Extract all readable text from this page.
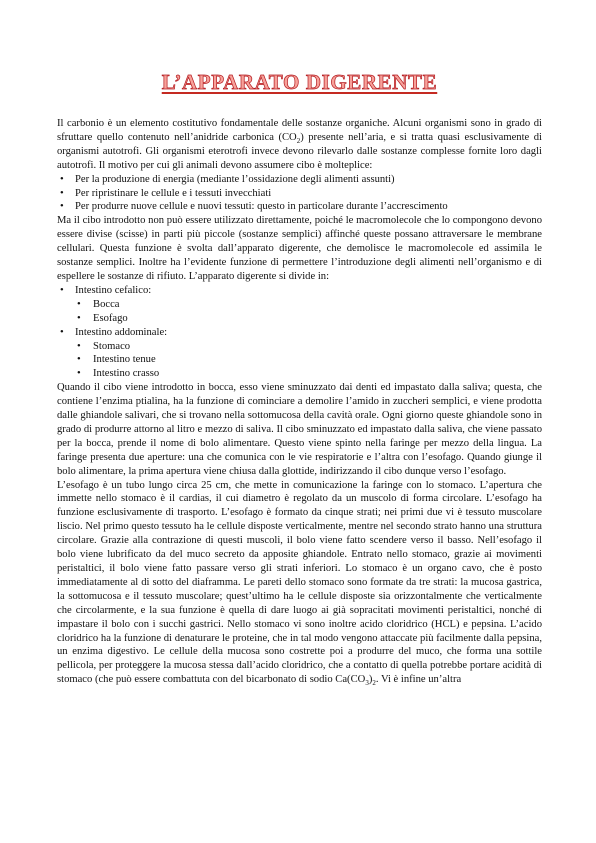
L’APPARATO DIGERENTE

Il carbonio è un elemento costitutivo fondamentale delle sostanze organiche. Alcuni organismi sono in grado di sfruttare quello contenuto nell’anidride carbonica $(CO_2)$ presente nell’aria, e si tratta quasi esclusivamente di organismi autotrofi. Gli organismi eterotrofi invece devono rilevarlo dalle sostanze complesse fornite loro dagli autotrofi. Il motivo per cui gli animali devono assumere cibo è molteplice:

• Per la produzione di energia (mediante l’ossidazione degli alimenti assunti)
• Per ripristinare le cellule e i tessuti invecchiati
• Per produrre nuove cellule e nuovi tessuti: questo in particolare durante l’accrescimento

Ma il cibo introdotto non può essere utilizzato direttamente, poiché le macromolecole che lo compongono devono essere divise (scisse) in parti più piccole (sostanze semplici) affinché queste possano attraversare le membrane cellulari. Questa funzione è svolta dall’apparato digerente, che demolisce le macromolecole ed assimila le sostanze semplici. Inoltre ha l’evidente funzione di permettere l’introduzione degli alimenti nell’organismo e di espellere le sostanze di rifiuto. L’apparato digerente si divide in:

• Intestino cefalico:
• Bocca
• Esofago
• Intestino addominale:
• Stomaco
• Intestino tenue
• Intestino crasso

Quando il cibo viene introdotto in bocca, esso viene sminuzzato dai denti ed impastato dalla saliva; questa, che contiene l’enzima ptialina, ha la funzione di cominciare a demolire l’amido in zuccheri semplici, e viene prodotta dalle ghiandole salivari, che si trovano nella sottomucosa della cavità orale. Ogni giorno queste ghiandole sono in grado di produrre attorno al litro e mezzo di saliva. Il cibo sminuzzato ed impastato dalla saliva, che viene passato per la bocca, prende il nome di bolo alimentare. Questo viene spinto nella faringe per mezzo della lingua. La faringe presenta due aperture: una che comunica con le vie respiratorie e l’altra con l’esofago. Quando giunge il bolo alimentare, la prima apertura viene chiusa dalla glottide, indirizzando il cibo dunque verso l’esofago.

L’esofago è un tubo lungo circa 25 cm, che mette in comunicazione la faringe con lo stomaco. L’apertura che immette nello stomaco è il cardias, il cui diametro è regolato da un muscolo di forma circolare. L’esofago ha funzione esclusivamente di trasporto. L’esofago è formato da cinque strati; nei primi due vi è tessuto muscolare liscio. Nel primo questo tessuto ha le cellule disposte verticalmente, mentre nel secondo strato hanno una struttura circolare. Grazie alla contrazione di questi muscoli, il bolo viene fatto scendere verso il basso. Nell’esofago il bolo viene lubrificato da del muco secreto da apposite ghiandole. Entrato nello stomaco, grazie ai movimenti peristaltici, il bolo viene fatto passare verso gli strati inferiori. Lo stomaco è un organo cavo, che è posto immediatamente al di sotto del diaframma. Le pareti dello stomaco sono formate da tre strati: la mucosa gastrica, la sottomucosa e il tessuto muscolare; quest’ultimo ha le cellule disposte sia orizzontalmente che verticalmente che circolarmente, e la sua funzione è quella di dare luogo ai già sopracitati movimenti peristaltici, nonché di impastare il bolo con i succhi gastrici. Nello stomaco vi sono inoltre acido cloridrico (HCL) e pepsina. L’acido cloridrico ha la funzione di denaturare le proteine, che in tal modo vengono attaccate più facilmente dalla pepsina, un enzima digestivo. Le cellule della mucosa sono costrette poi a produrre del muco, che forma una sottile pellicola, per proteggere la mucosa stessa dall’acido cloridrico, che a contatto di quella potrebbe portare acidità di stomaco (che può essere combattuta con del bicarbonato di sodio $Ca(CO_3)_2$. Vi è infine un’altra
